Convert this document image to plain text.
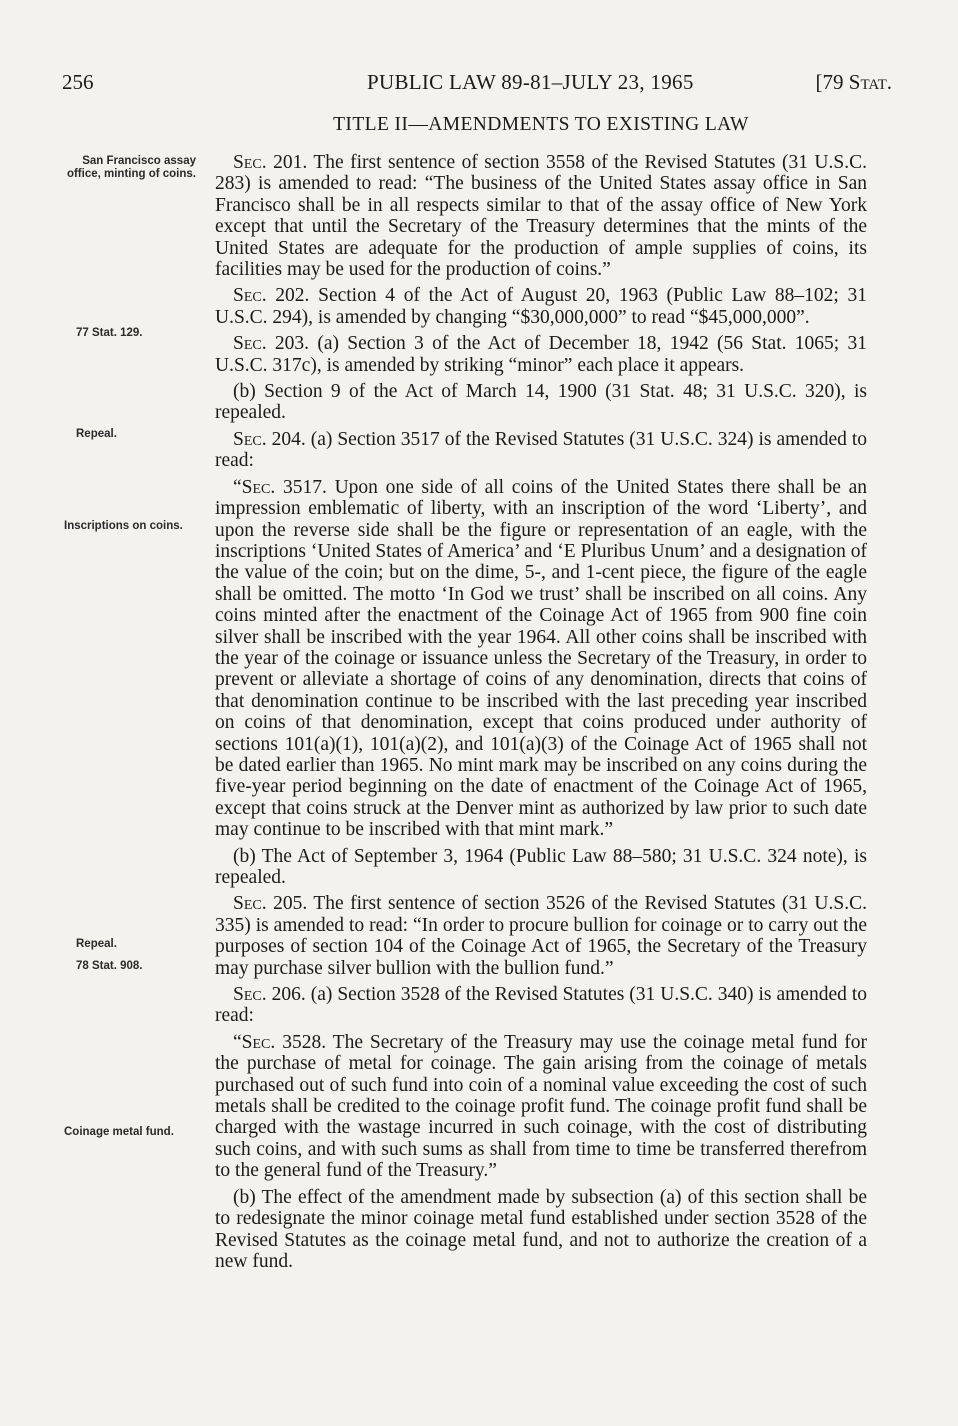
256	PUBLIC LAW 89-81–JULY 23, 1965	[79 Stat.
TITLE II—AMENDMENTS TO EXISTING LAW
San Francisco assay office, minting of coins.
77 Stat. 129.
Repeal.
Inscriptions on coins.
Repeal.
78 Stat. 908.
Coinage metal fund.

Sec. 201. The first sentence of section 3558 of the Revised Statutes (31 U.S.C. 283) is amended to read: “The business of the United States assay office in San Francisco shall be in all respects similar to that of the assay office of New York except that until the Secretary of the Treasury determines that the mints of the United States are adequate for the production of ample supplies of coins, its facilities may be used for the production of coins.”

Sec. 202. Section 4 of the Act of August 20, 1963 (Public Law 88–102; 31 U.S.C. 294), is amended by changing “$30,000,000” to read “$45,000,000”.

Sec. 203. (a) Section 3 of the Act of December 18, 1942 (56 Stat. 1065; 31 U.S.C. 317c), is amended by striking “minor” each place it appears.

(b) Section 9 of the Act of March 14, 1900 (31 Stat. 48; 31 U.S.C. 320), is repealed.

Sec. 204. (a) Section 3517 of the Revised Statutes (31 U.S.C. 324) is amended to read:

“Sec. 3517. Upon one side of all coins of the United States there shall be an impression emblematic of liberty, with an inscription of the word ‘Liberty’, and upon the reverse side shall be the figure or representation of an eagle, with the inscriptions ‘United States of America’ and ‘E Pluribus Unum’ and a designation of the value of the coin; but on the dime, 5-, and 1-cent piece, the figure of the eagle shall be omitted. The motto ‘In God we trust’ shall be inscribed on all coins. Any coins minted after the enactment of the Coinage Act of 1965 from 900 fine coin silver shall be inscribed with the year 1964. All other coins shall be inscribed with the year of the coinage or issuance unless the Secretary of the Treasury, in order to prevent or alleviate a shortage of coins of any denomination, directs that coins of that denomination continue to be inscribed with the last preceding year inscribed on coins of that denomination, except that coins produced under authority of sections 101(a)(1), 101(a)(2), and 101(a)(3) of the Coinage Act of 1965 shall not be dated earlier than 1965. No mint mark may be inscribed on any coins during the five-year period beginning on the date of enactment of the Coinage Act of 1965, except that coins struck at the Denver mint as authorized by law prior to such date may continue to be inscribed with that mint mark.”

(b) The Act of September 3, 1964 (Public Law 88–580; 31 U.S.C. 324 note), is repealed.

Sec. 205. The first sentence of section 3526 of the Revised Statutes (31 U.S.C. 335) is amended to read: “In order to procure bullion for coinage or to carry out the purposes of section 104 of the Coinage Act of 1965, the Secretary of the Treasury may purchase silver bullion with the bullion fund.”

Sec. 206. (a) Section 3528 of the Revised Statutes (31 U.S.C. 340) is amended to read:

“Sec. 3528. The Secretary of the Treasury may use the coinage metal fund for the purchase of metal for coinage. The gain arising from the coinage of metals purchased out of such fund into coin of a nominal value exceeding the cost of such metals shall be credited to the coinage profit fund. The coinage profit fund shall be charged with the wastage incurred in such coinage, with the cost of distributing such coins, and with such sums as shall from time to time be transferred therefrom to the general fund of the Treasury.”

(b) The effect of the amendment made by subsection (a) of this section shall be to redesignate the minor coinage metal fund established under section 3528 of the Revised Statutes as the coinage metal fund, and not to authorize the creation of a new fund.
